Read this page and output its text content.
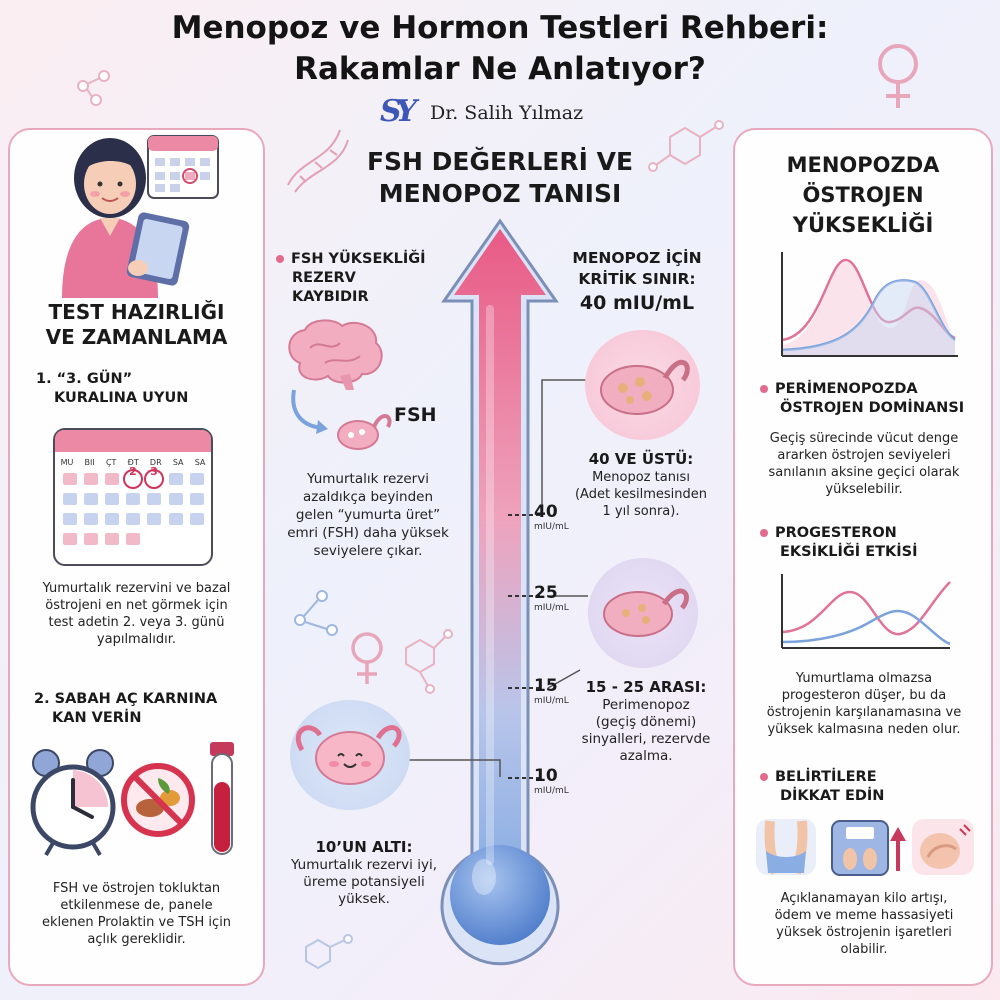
Menopoz ve Hormon Testleri Rehberi:
Rakamlar Ne Anlatıyor?
SY Dr. Salih Yılmaz
FSH DEĞERLERİ VE
MENOPOZ TANISI
TEST HAZIRLIĞI
VE ZAMANLAMA
1. “3. GÜN”
KURALINA UYUN
MU BII ÇT ÐT DR SA SA
2 3
Yumurtalık rezervini ve bazal
östrojeni en net görmek için
test adetin 2. veya 3. günü
yapılmalıdır.
2. SABAH AÇ KARNINA
KAN VERİN
FSH ve östrojen tokluktan
etkilenmese de, panele
eklenen Prolaktin ve TSH için
açlık gereklidir.
FSH YÜKSEKLİĞİ
REZERV
KAYBIDIR
FSH
Yumurtalık rezervi
azaldıkça beyinden
gelen “yumurta üret”
emri (FSH) daha yüksek
seviyelere çıkar.
40
mIU/mL
25
mIU/mL
15
mIU/mL
10
mIU/mL
MENOPOZ İÇİN
KRİTİK SINIR:
40 mIU/mL
40 VE ÜSTÜ:
Menopoz tanısı
(Adet kesilmesinden
1 yıl sonra).
15 - 25 ARASI:
Perimenopoz
(geçiş dönemi)
sinyalleri, rezervde
azalma.
10’UN ALTI:
Yumurtalık rezervi iyi,
üreme potansiyeli
yüksek.
MENOPOZDA
ÖSTROJEN
YÜKSEKLİĞİ
PERİMENOPOZDA
ÖSTROJEN DOMİNANSI
Geçiş sürecinde vücut denge
ararken östrojen seviyeleri
sanılanın aksine geçici olarak
yükselebilir.
PROGESTERON
EKSİKLİĞİ ETKİSİ
Yumurtlama olmazsa
progesteron düşer, bu da
östrojenin karşılanamasına ve
yüksek kalmasına neden olur.
BELİRTİLERE
DİKKAT EDİN
Açıklanamayan kilo artışı,
ödem ve meme hassasiyeti
yüksek östrojenin işaretleri
olabilir.
